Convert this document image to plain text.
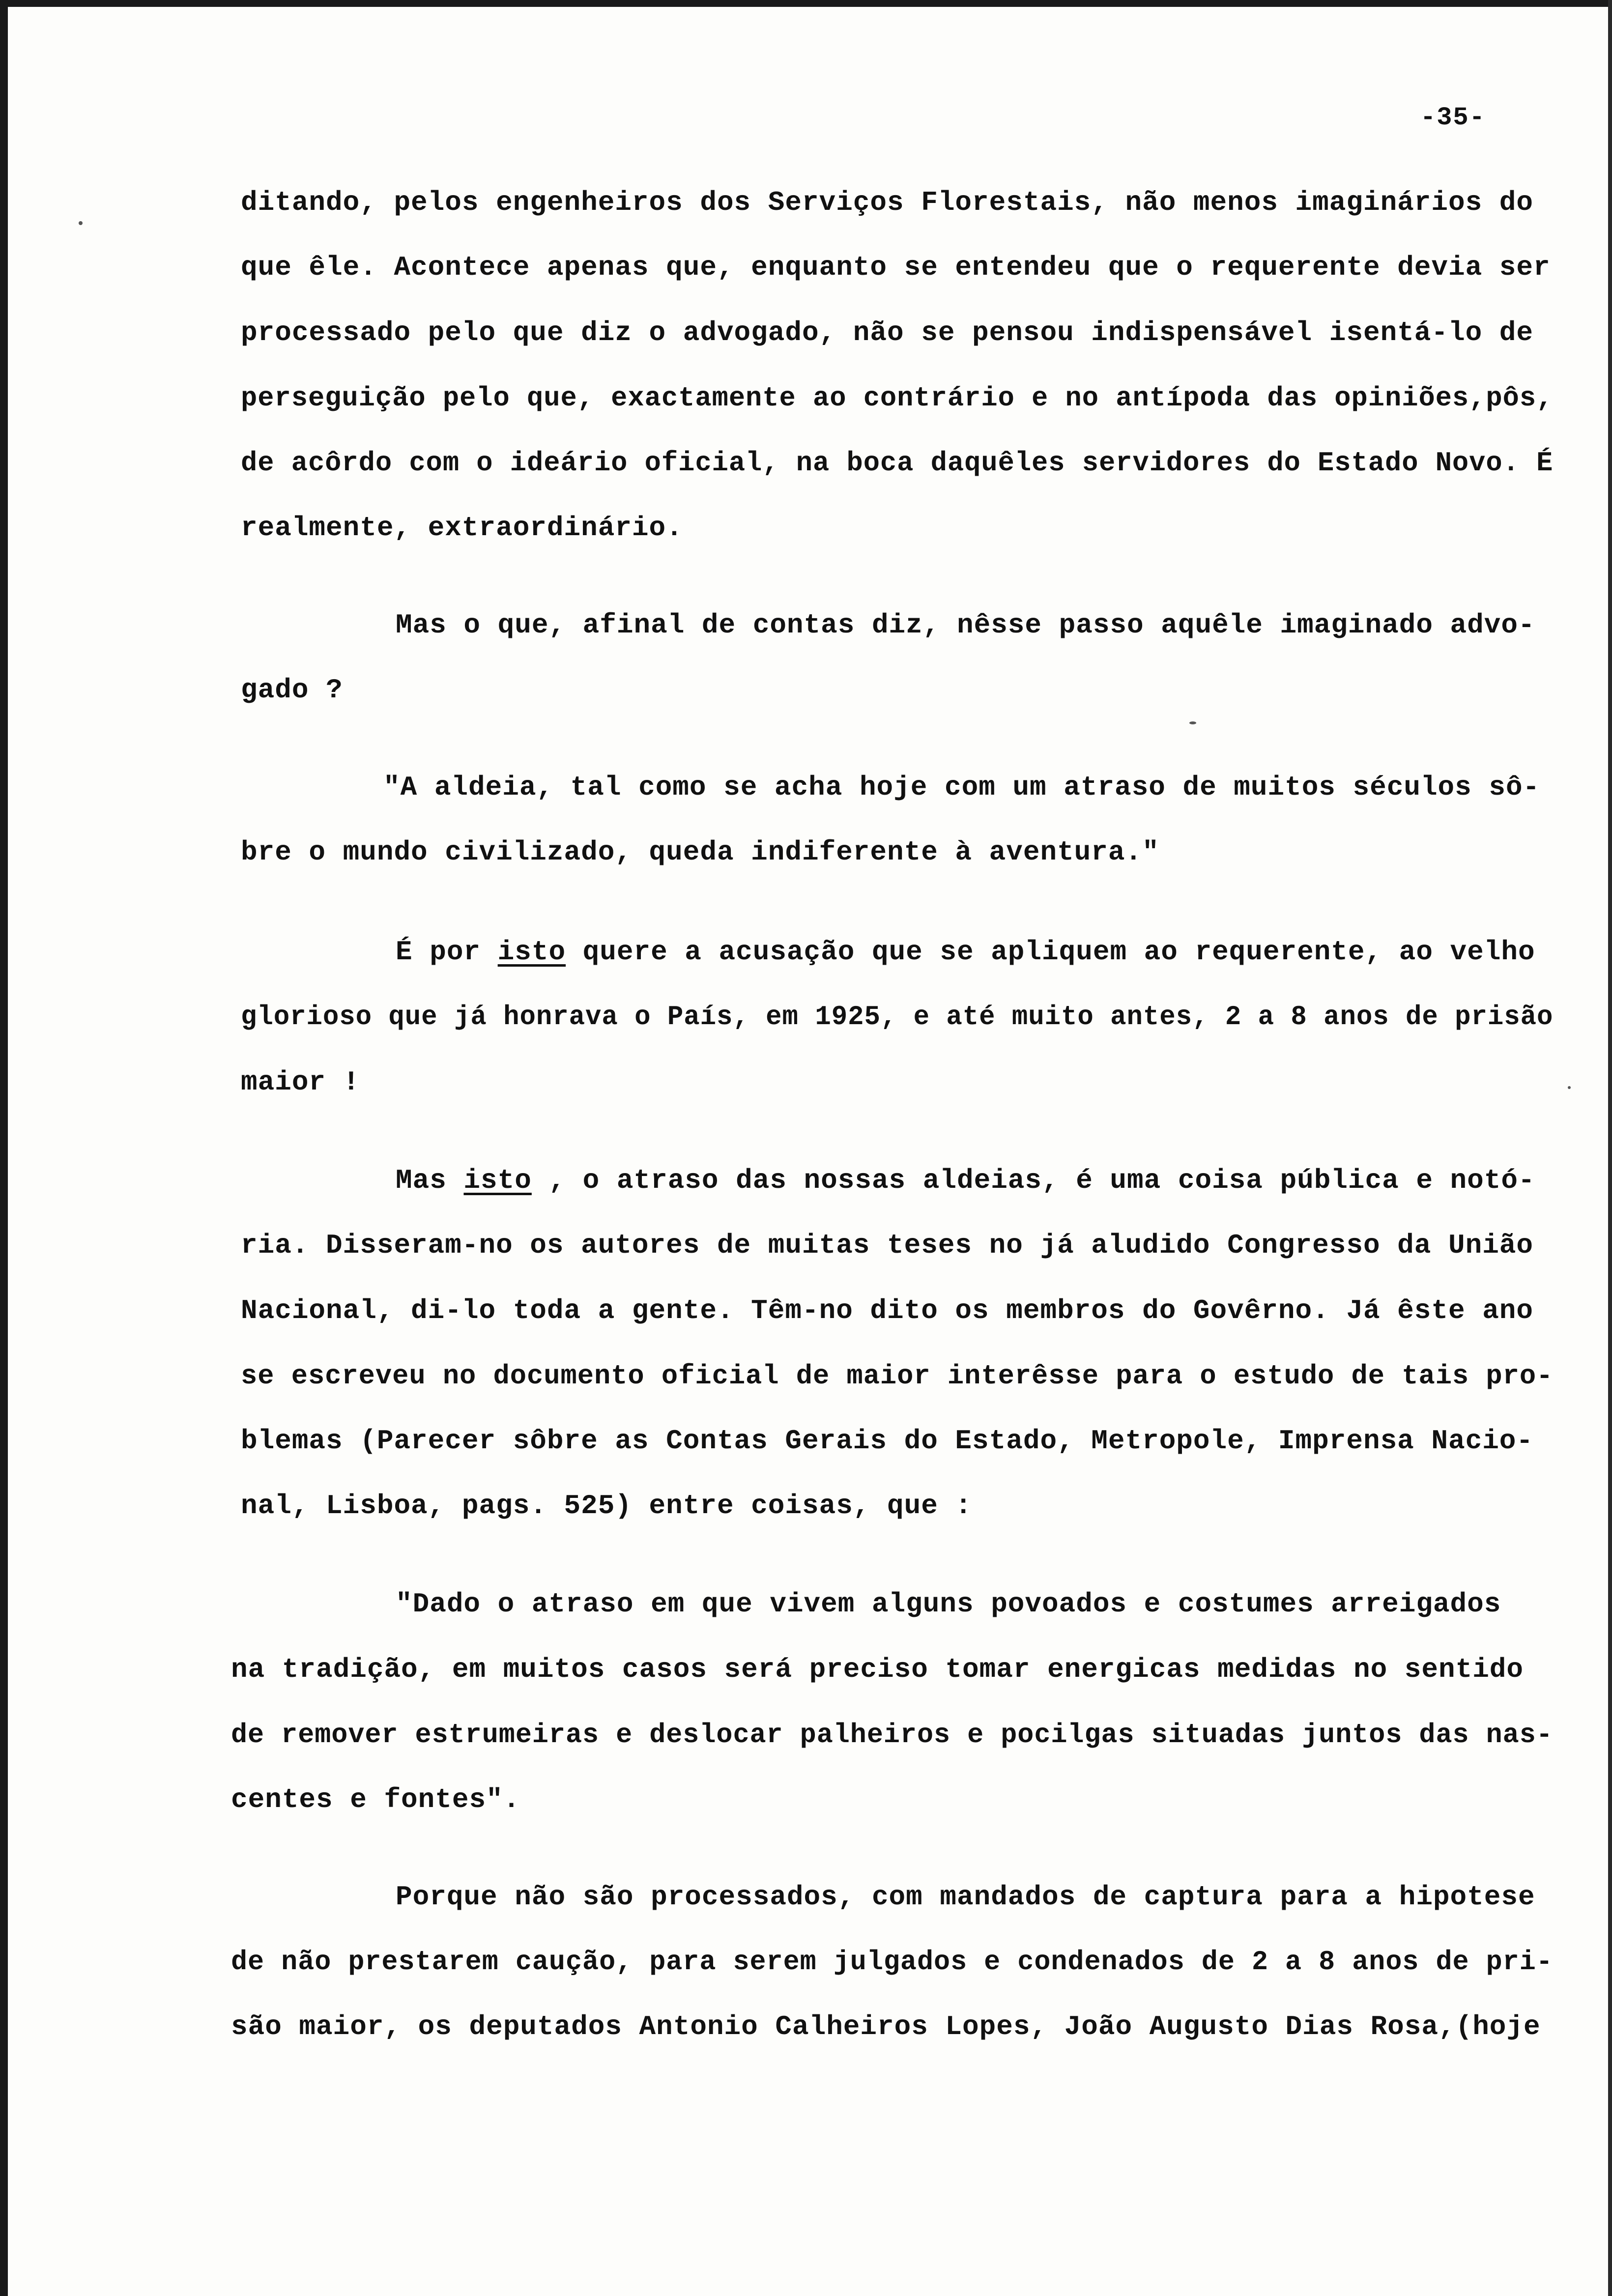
-35-
ditando, pelos engenheiros dos Serviços Florestais, não menos imaginários do
que êle. Acontece apenas que, enquanto se entendeu que o requerente devia ser
processado pelo que diz o advogado, não se pensou indispensável isentá-lo de
perseguição pelo que, exactamente ao contrário e no antípoda das opiniões,pôs,
de acôrdo com o ideário oficial, na boca daquêles servidores do Estado Novo. É
realmente, extraordinário.
Mas o que, afinal de contas diz, nêsse passo aquêle imaginado advo-
gado ?
"A aldeia, tal como se acha hoje com um atraso de muitos séculos sô-
bre o mundo civilizado, queda indiferente à aventura."
É por isto quere a acusação que se apliquem ao requerente, ao velho
glorioso que já honrava o País, em 1925, e até muito antes, 2 a 8 anos de prisão
maior !
Mas isto , o atraso das nossas aldeias, é uma coisa pública e notó-
ria. Disseram-no os autores de muitas teses no já aludido Congresso da União
Nacional, di-lo toda a gente. Têm-no dito os membros do Govêrno. Já êste ano
se escreveu no documento oficial de maior interêsse para o estudo de tais pro-
blemas (Parecer sôbre as Contas Gerais do Estado, Metropole, Imprensa Nacio-
nal, Lisboa, pags. 525) entre coisas, que :
"Dado o atraso em que vivem alguns povoados e costumes arreigados
na tradição, em muitos casos será preciso tomar energicas medidas no sentido
de remover estrumeiras e deslocar palheiros e pocilgas situadas juntos das nas-
centes e fontes".
Porque não são processados, com mandados de captura para a hipotese
de não prestarem caução, para serem julgados e condenados de 2 a 8 anos de pri-
são maior, os deputados Antonio Calheiros Lopes, João Augusto Dias Rosa,(hoje
